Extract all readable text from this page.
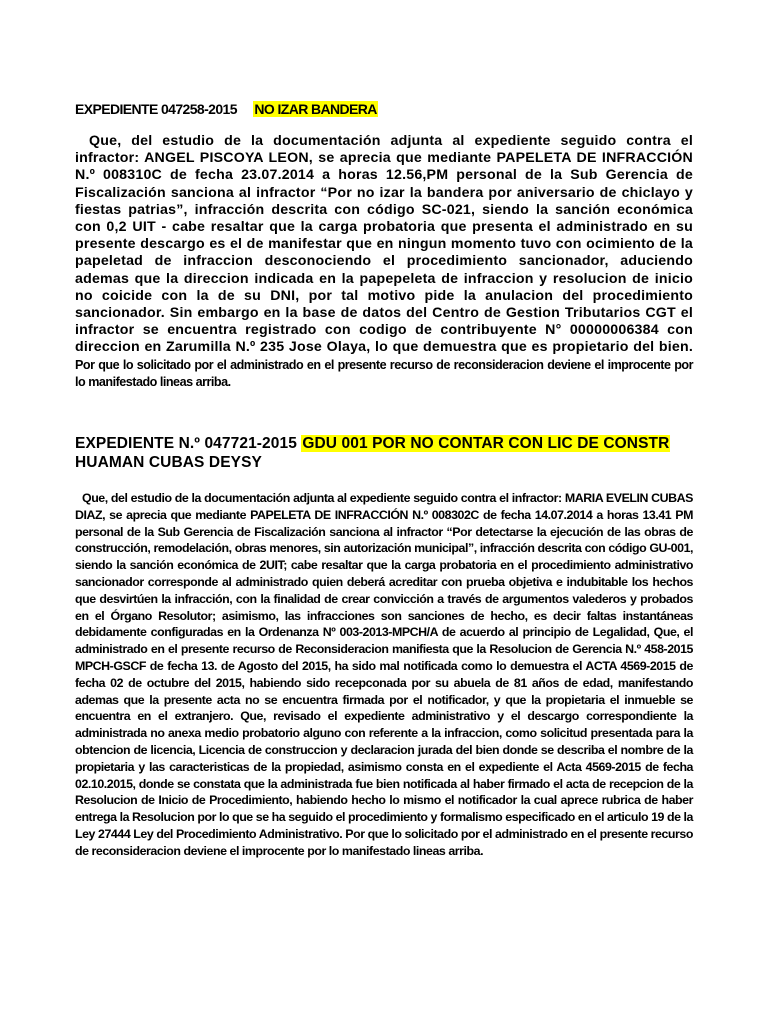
EXPEDIENTE 047258-2015 NO IZAR BANDERA

Que, del estudio de la documentación adjunta al expediente seguido contra el infractor: ANGEL PISCOYA LEON, se aprecia que mediante PAPELETA DE INFRACCIÓN N.º 008310C de fecha 23.07.2014 a horas 12.56,PM personal de la Sub Gerencia de Fiscalización sanciona al infractor “Por no izar la bandera por aniversario de chiclayo y fiestas patrias”, infracción descrita con código SC-021, siendo la sanción económica con 0,2 UIT - cabe resaltar que la carga probatoria que presenta el administrado en su presente descargo es el de manifestar que en ningun momento tuvo con ocimiento de la papeletad de infraccion desconociendo el procedimiento sancionador, aduciendo ademas que la direccion indicada en la papepeleta de infraccion y resolucion de inicio no coicide con la de su DNI, por tal motivo pide la anulacion del procedimiento sancionador. Sin embargo en la base de datos del Centro de Gestion Tributarios CGT el infractor se encuentra registrado con codigo de contribuyente N° 00000006384 con direccion en Zarumilla N.º 235 Jose Olaya, lo que demuestra que es propietario del bien. Por que lo solicitado por el administrado en el presente recurso de reconsideracion deviene el improcente por lo manifestado lineas arriba.

EXPEDIENTE N.º 047721-2015 GDU 001 POR NO CONTAR CON LIC DE CONSTR
HUAMAN CUBAS DEYSY

Que, del estudio de la documentación adjunta al expediente seguido contra el infractor: MARIA EVELIN CUBAS DIAZ, se aprecia que mediante PAPELETA DE INFRACCIÓN N.º 008302C de fecha 14.07.2014 a horas 13.41 PM personal de la Sub Gerencia de Fiscalización sanciona al infractor “Por detectarse la ejecución de las obras de construcción, remodelación, obras menores, sin autorización municipal”, infracción descrita con código GU-001, siendo la sanción económica de 2UIT; cabe resaltar que la carga probatoria en el procedimiento administrativo sancionador corresponde al administrado quien deberá acreditar con prueba objetiva e indubitable los hechos que desvirtúen la infracción, con la finalidad de crear convicción a través de argumentos valederos y probados en el Órgano Resolutor; asimismo, las infracciones son sanciones de hecho, es decir faltas instantáneas debidamente configuradas en la Ordenanza Nº 003-2013-MPCH/A de acuerdo al principio de Legalidad, Que, el administrado en el presente recurso de Reconsideracion manifiesta que la Resolucion de Gerencia N.º 458-2015 MPCH-GSCF de fecha 13. de Agosto del 2015, ha sido mal notificada como lo demuestra el ACTA 4569-2015 de fecha 02 de octubre del 2015, habiendo sido recepconada por su abuela de 81 años de edad, manifestando ademas que la presente acta no se encuentra firmada por el notificador, y que la propietaria el inmueble se encuentra en el extranjero. Que, revisado el expediente administrativo y el descargo correspondiente la administrada no anexa medio probatorio alguno con referente a la infraccion, como solicitud presentada para la obtencion de licencia, Licencia de construccion y declaracion jurada del bien donde se describa el nombre de la propietaria y las caracteristicas de la propiedad, asimismo consta en el expediente el Acta 4569-2015 de fecha 02.10.2015, donde se constata que la administrada fue bien notificada al haber firmado el acta de recepcion de la Resolucion de Inicio de Procedimiento, habiendo hecho lo mismo el notificador la cual aprece rubrica de haber entrega la Resolucion por lo que se ha seguido el procedimiento y formalismo especificado en el articulo 19 de la Ley 27444 Ley del Procedimiento Administrativo. Por que lo solicitado por el administrado en el presente recurso de reconsideracion deviene el improcente por lo manifestado lineas arriba.
